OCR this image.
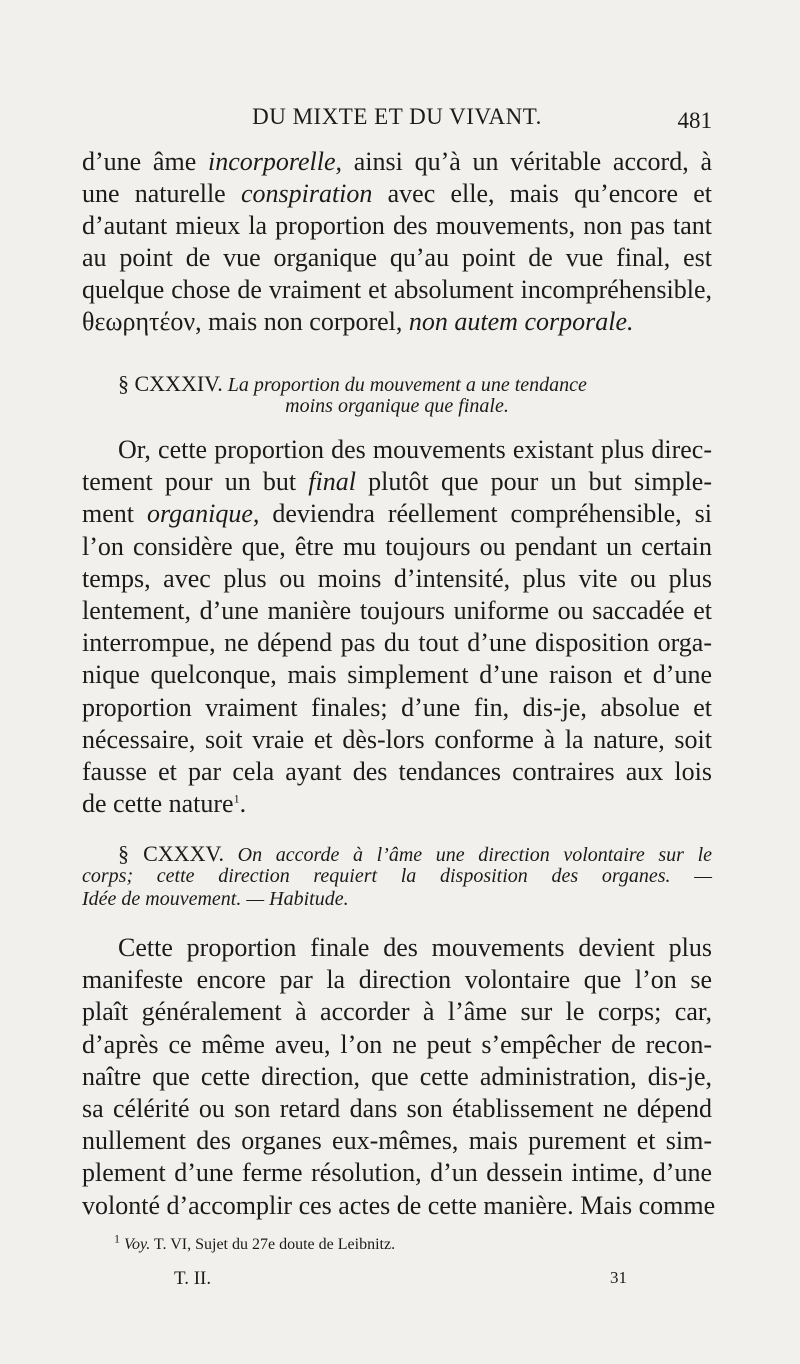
DU MIXTE ET DU VIVANT.	481
d’une âme incorporelle, ainsi qu’à un véritable accord, à
une naturelle conspiration avec elle, mais qu’encore et
d’autant mieux la proportion des mouvements, non pas tant
au point de vue organique qu’au point de vue final, est
quelque chose de vraiment et absolument incompréhensible,
θεωρητέον, mais non corporel, non autem corporale.
§ CXXXIV. La proportion du mouvement a une tendance
moins organique que finale.
Or, cette proportion des mouvements existant plus direc-
tement pour un but final plutôt que pour un but simple-
ment organique, deviendra réellement compréhensible, si
l’on considère que, être mu toujours ou pendant un certain
temps, avec plus ou moins d’intensité, plus vite ou plus
lentement, d’une manière toujours uniforme ou saccadée et
interrompue, ne dépend pas du tout d’une disposition orga-
nique quelconque, mais simplement d’une raison et d’une
proportion vraiment finales; d’une fin, dis-je, absolue et
nécessaire, soit vraie et dès-lors conforme à la nature, soit
fausse et par cela ayant des tendances contraires aux lois
de cette nature$^1$.
§ CXXXV. On accorde à l’âme une direction volontaire sur le
corps; cette direction requiert la disposition des organes. —
Idée de mouvement. — Habitude.
Cette proportion finale des mouvements devient plus
manifeste encore par la direction volontaire que l’on se
plaît généralement à accorder à l’âme sur le corps; car,
d’après ce même aveu, l’on ne peut s’empêcher de recon-
naître que cette direction, que cette administration, dis-je,
sa célérité ou son retard dans son établissement ne dépend
nullement des organes eux-mêmes, mais purement et sim-
plement d’une ferme résolution, d’un dessein intime, d’une
volonté d’accomplir ces actes de cette manière. Mais comme
$^1$ Voy. T. VI, Sujet du 27e doute de Leibnitz.
T. II.	31
